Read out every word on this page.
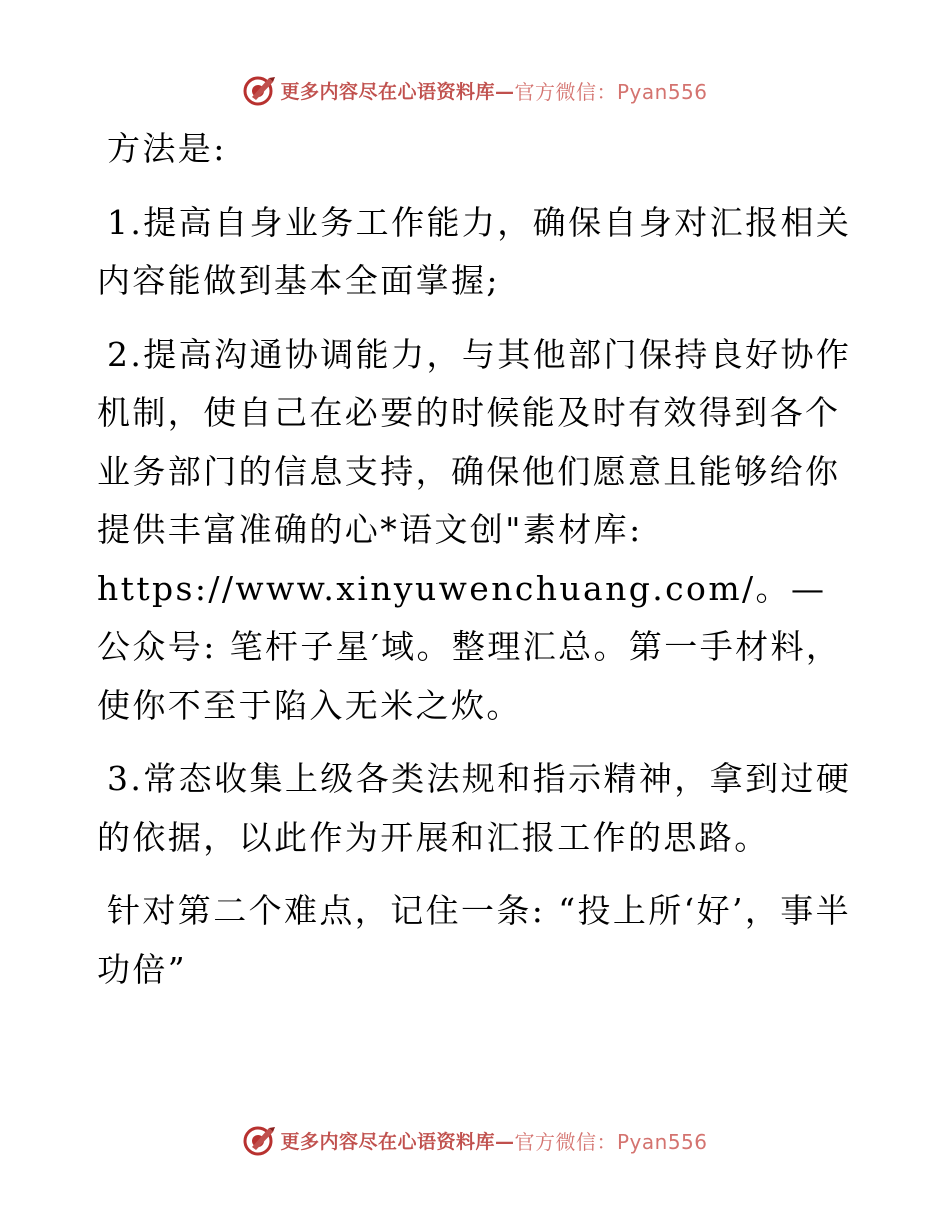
更多内容尽在心语资料库— 官方微信：Pyan556

方法是:

1.提高自身业务工作能力，确保自身对汇报相关内容能做到基本全面掌握;

2.提高沟通协调能力，与其他部门保持良好协作机制，使自己在必要的时候能及时有效得到各个业务部门的信息支持，确保他们愿意且能够给你提供丰富准确的心*语文创"素材库: https://www.xinyuwenchuang.com/。—公众号: 笔杆子星′域。整理汇总。第一手材料，使你不至于陷入无米之炊。

3.常态收集上级各类法规和指示精神，拿到过硬的依据，以此作为开展和汇报工作的思路。

针对第二个难点，记住一条: “投上所‘好’，事半功倍”

更多内容尽在心语资料库— 官方微信：Pyan556
